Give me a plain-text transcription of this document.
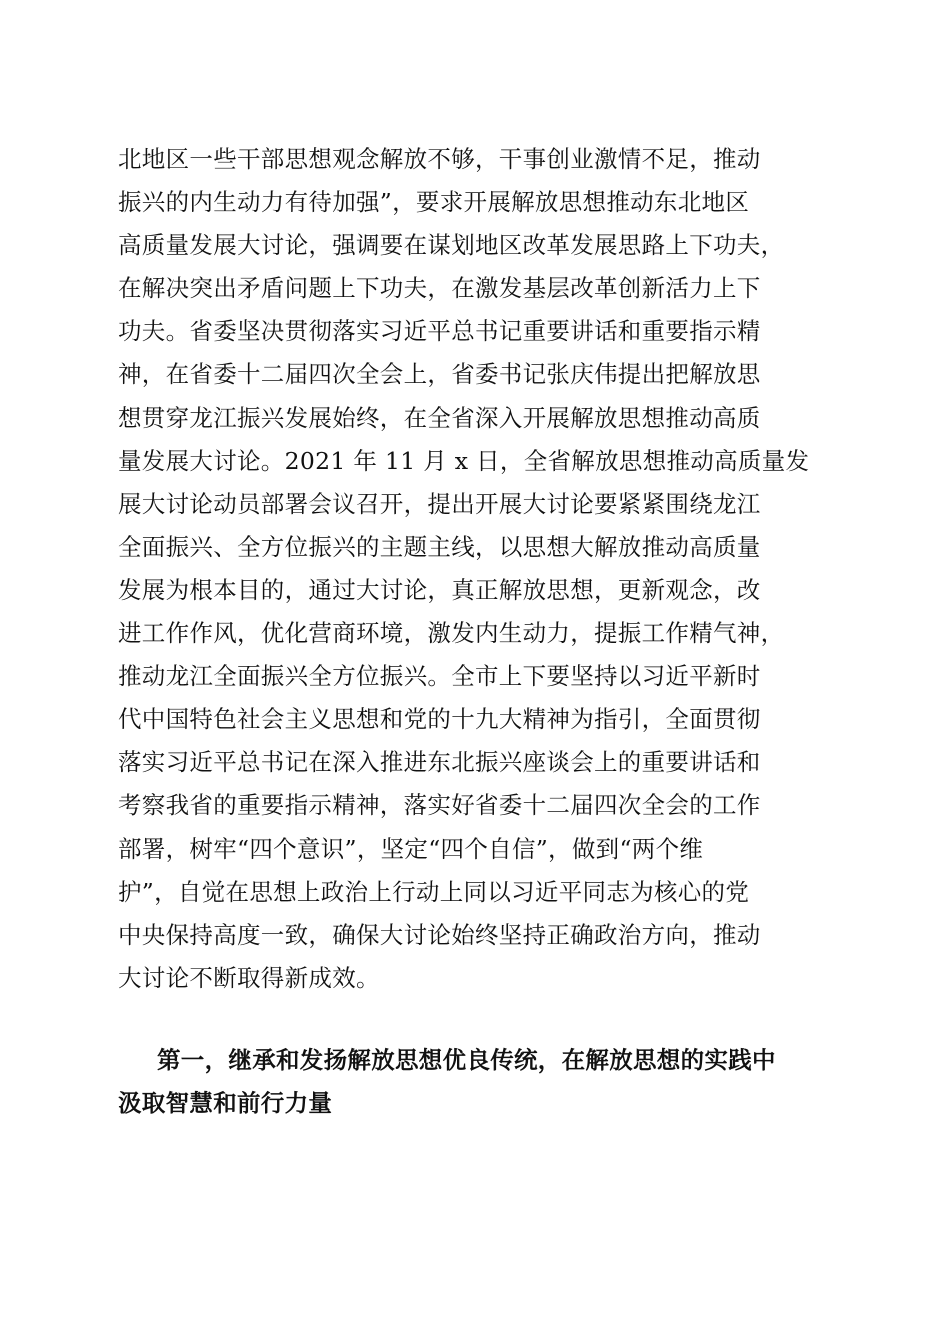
北地区一些干部思想观念解放不够，干事创业激情不足，推动
振兴的内生动力有待加强”，要求开展解放思想推动东北地区
高质量发展大讨论，强调要在谋划地区改革发展思路上下功夫，
在解决突出矛盾问题上下功夫，在激发基层改革创新活力上下
功夫。省委坚决贯彻落实习近平总书记重要讲话和重要指示精
神，在省委十二届四次全会上，省委书记张庆伟提出把解放思
想贯穿龙江振兴发展始终，在全省深入开展解放思想推动高质
量发展大讨论。2021 年 11 月 x 日，全省解放思想推动高质量发
展大讨论动员部署会议召开，提出开展大讨论要紧紧围绕龙江
全面振兴、全方位振兴的主题主线，以思想大解放推动高质量
发展为根本目的，通过大讨论，真正解放思想，更新观念，改
进工作作风，优化营商环境，激发内生动力，提振工作精气神，
推动龙江全面振兴全方位振兴。全市上下要坚持以习近平新时
代中国特色社会主义思想和党的十九大精神为指引，全面贯彻
落实习近平总书记在深入推进东北振兴座谈会上的重要讲话和
考察我省的重要指示精神，落实好省委十二届四次全会的工作
部署，树牢“四个意识”，坚定“四个自信”，做到“两个维
护”，自觉在思想上政治上行动上同以习近平同志为核心的党
中央保持高度一致，确保大讨论始终坚持正确政治方向，推动
大讨论不断取得新成效。
第一，继承和发扬解放思想优良传统，在解放思想的实践中
汲取智慧和前行力量
